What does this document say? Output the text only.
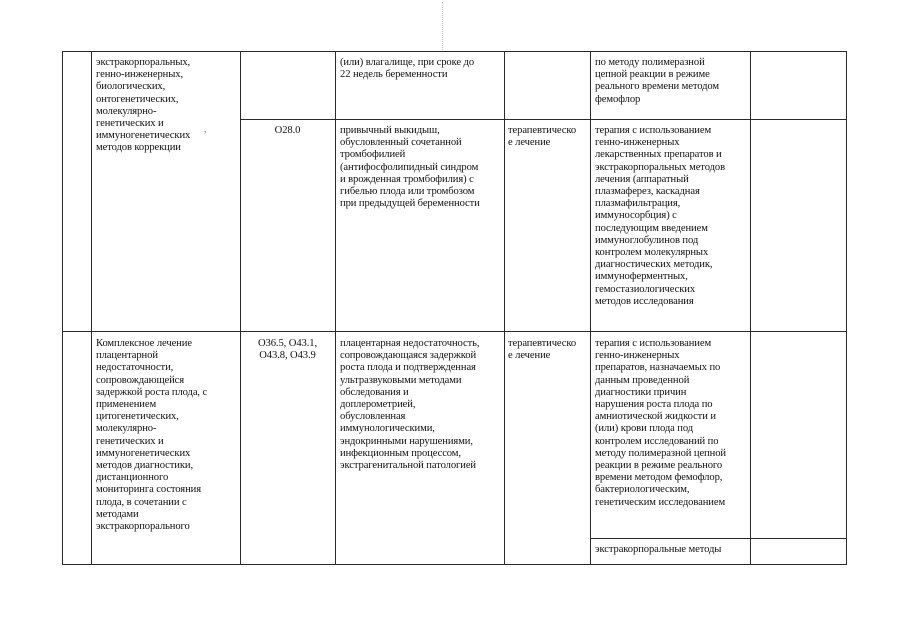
экстракорпоральных,
генно-инженерных,
биологических,
онтогенетических,
молекулярно-
генетических и
иммуногенетических
методов коррекции
(или) влагалище, при сроке до
22 недель беременности
по методу полимеразной
цепной реакции в режиме
реального времени методом
фемофлор
,	О28.0	привычный выкидыш,
обусловленный сочетанной
тромбофилией
(антифосфолипидный синдром
и врожденная тромбофилия) с
гибелью плода или тромбозом
при предыдущей беременности
терапевтическо
е лечение
терапия с использованием
генно-инженерных
лекарственных препаратов и
экстракорпоральных методов
лечения (аппаратный
плазмаферез, каскадная
плазмафильтрация,
иммуносорбция) с
последующим введением
иммуноглобулинов под
контролем молекулярных
диагностических методик,
иммуноферментных,
гемостазиологических
методов исследования
Комплексное лечение
плацентарной
недостаточности,
сопровождающейся
задержкой роста плода, с
применением
цитогенетических,
молекулярно-
генетических и
иммуногенетических
методов диагностики,
дистанционного
мониторинга состояния
плода, в сочетании с
методами
экстракорпорального
О36.5, О43.1,
О43.8, О43.9
плацентарная недостаточность,
сопровождающаяся задержкой
роста плода и подтвержденная
ультразвуковыми методами
обследования и
доплерометрией,
обусловленная
иммунологическими,
эндокринными нарушениями,
инфекционным процессом,
экстрагенитальной патологией
терапевтическо
е лечение
терапия с использованием
генно-инженерных
препаратов, назначаемых по
данным проведенной
диагностики причин
нарушения роста плода по
амниотической жидкости и
(или) крови плода под
контролем исследований по
методу полимеразной цепной
реакции в режиме реального
времени методом фемофлор,
бактериологическим,
генетическим исследованием
экстракорпоральные методы
